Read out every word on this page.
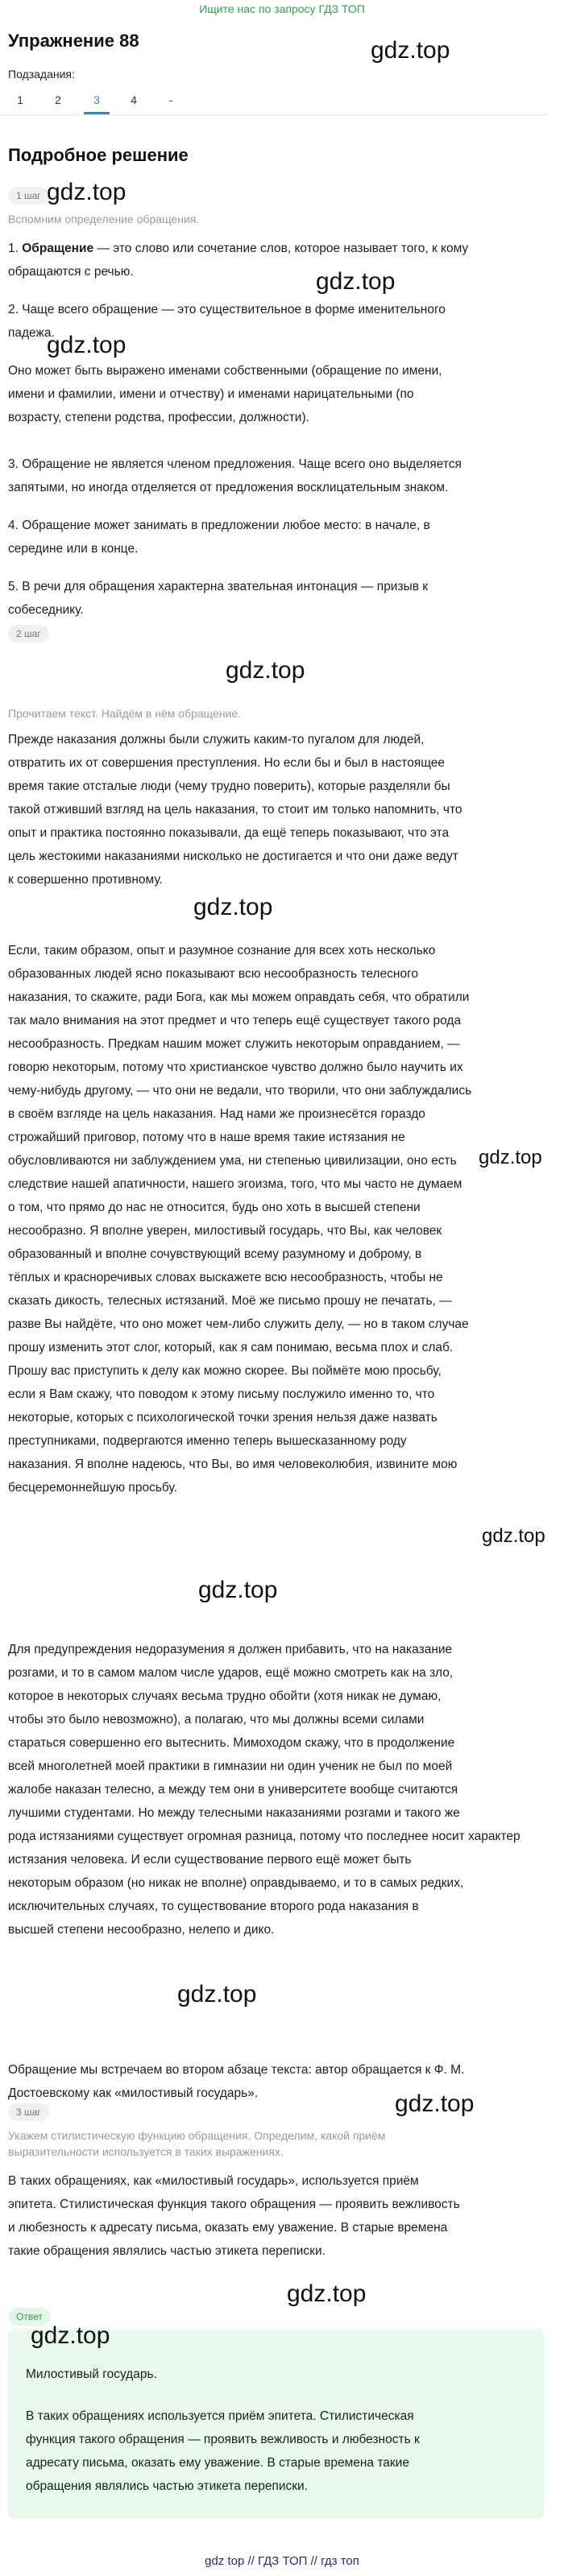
Ищите нас по запросу ГДЗ ТОП
Упражнение 88
Подзадания:
1	2	3	4	-
Подробное решение
1 шаг
Вспомним определение обращения.

1. Обращение — это слово или сочетание слов, которое называет того, к кому
обращаются с речью.

2. Чаще всего обращение — это существительное в форме именительного
падежа.

Оно может быть выражено именами собственными (обращение по имени,
имени и фамилии, имени и отчеству) и именами нарицательными (по
возрасту, степени родства, профессии, должности).

3. Обращение не является членом предложения. Чаще всего оно выделяется
запятыми, но иногда отделяется от предложения восклицательным знаком.

4. Обращение может занимать в предложении любое место: в начале, в
середине или в конце.

5. В речи для обращения характерна звательная интонация — призыв к
собеседнику.

2 шаг
Прочитаем текст. Найдём в нём обращение.

Прежде наказания должны были служить каким-то пугалом для людей,
отвратить их от совершения преступления. Но если бы и был в настоящее
время такие отсталые люди (чему трудно поверить), которые разделяли бы
такой отживший взгляд на цель наказания, то стоит им только напомнить, что
опыт и практика постоянно показывали, да ещё теперь показывают, что эта
цель жестокими наказаниями нисколько не достигается и что они даже ведут
к совершенно противному.

Если, таким образом, опыт и разумное сознание для всех хоть несколько
образованных людей ясно показывают всю несообразность телесного
наказания, то скажите, ради Бога, как мы можем оправдать себя, что обратили
так мало внимания на этот предмет и что теперь ещё существует такого рода
несообразность. Предкам нашим может служить некоторым оправданием, —
говорю некоторым, потому что христианское чувство должно было научить их
чему-нибудь другому, — что они не ведали, что творили, что они заблуждались
в своём взгляде на цель наказания. Над нами же произнесётся гораздо
строжайший приговор, потому что в наше время такие истязания не
обусловливаются ни заблуждением ума, ни степенью цивилизации, оно есть
следствие нашей апатичности, нашего эгоизма, того, что мы часто не думаем
о том, что прямо до нас не относится, будь оно хоть в высшей степени
несообразно. Я вполне уверен, милостивый государь, что Вы, как человек
образованный и вполне сочувствующий всему разумному и доброму, в
тёплых и красноречивых словах выскажете всю несообразность, чтобы не
сказать дикость, телесных истязаний. Моё же письмо прошу не печатать, —
разве Вы найдёте, что оно может чем-либо служить делу, — но в таком случае
прошу изменить этот слог, который, как я сам понимаю, весьма плох и слаб.
Прошу вас приступить к делу как можно скорее. Вы поймёте мою просьбу,
если я Вам скажу, что поводом к этому письму послужило именно то, что
некоторые, которых с психологической точки зрения нельзя даже назвать
преступниками, подвергаются именно теперь вышесказанному роду
наказания. Я вполне надеюсь, что Вы, во имя человеколюбия, извините мою
бесцеремоннейшую просьбу.

Для предупреждения недоразумения я должен прибавить, что на наказание
розгами, и то в самом малом числе ударов, ещё можно смотреть как на зло,
которое в некоторых случаях весьма трудно обойти (хотя никак не думаю,
чтобы это было невозможно), а полагаю, что мы должны всеми силами
стараться совершенно его вытеснить. Мимоходом скажу, что в продолжение
всей многолетней моей практики в гимназии ни один ученик не был по моей
жалобе наказан телесно, а между тем они в университете вообще считаются
лучшими студентами. Но между телесными наказаниями розгами и такого же
рода истязаниями существует огромная разница, потому что последнее носит характер
истязания человека. И если существование первого ещё может быть
некоторым образом (но никак не вполне) оправдываемо, и то в самых редких,
исключительных случаях, то существование второго рода наказания в
высшей степени несообразно, нелепо и дико.

Обращение мы встречаем во втором абзаце текста: автор обращается к Ф. М.
Достоевскому как «милостивый государь».

3 шаг
Укажем стилистическую функцию обращения. Определим, какой приём
выразительности используется в таких выражениях.

В таких обращениях, как «милостивый государь», используется приём
эпитета. Стилистическая функция такого обращения — проявить вежливость
и любезность к адресату письма, оказать ему уважение. В старые времена
такие обращения являлись частью этикета переписки.

Ответ

Милостивый государь.

В таких обращениях используется приём эпитета. Стилистическая
функция такого обращения — проявить вежливость и любезность к
адресату письма, оказать ему уважение. В старые времена такие
обращения являлись частью этикета переписки.

gdz top // ГДЗ ТОП // гдз топ
gdz.top
gdz.top
gdz.top
gdz.top
gdz.top
gdz.top
gdz.top
gdz.top
gdz.top
gdz.top
gdz.top
gdz.top
gdz.top
